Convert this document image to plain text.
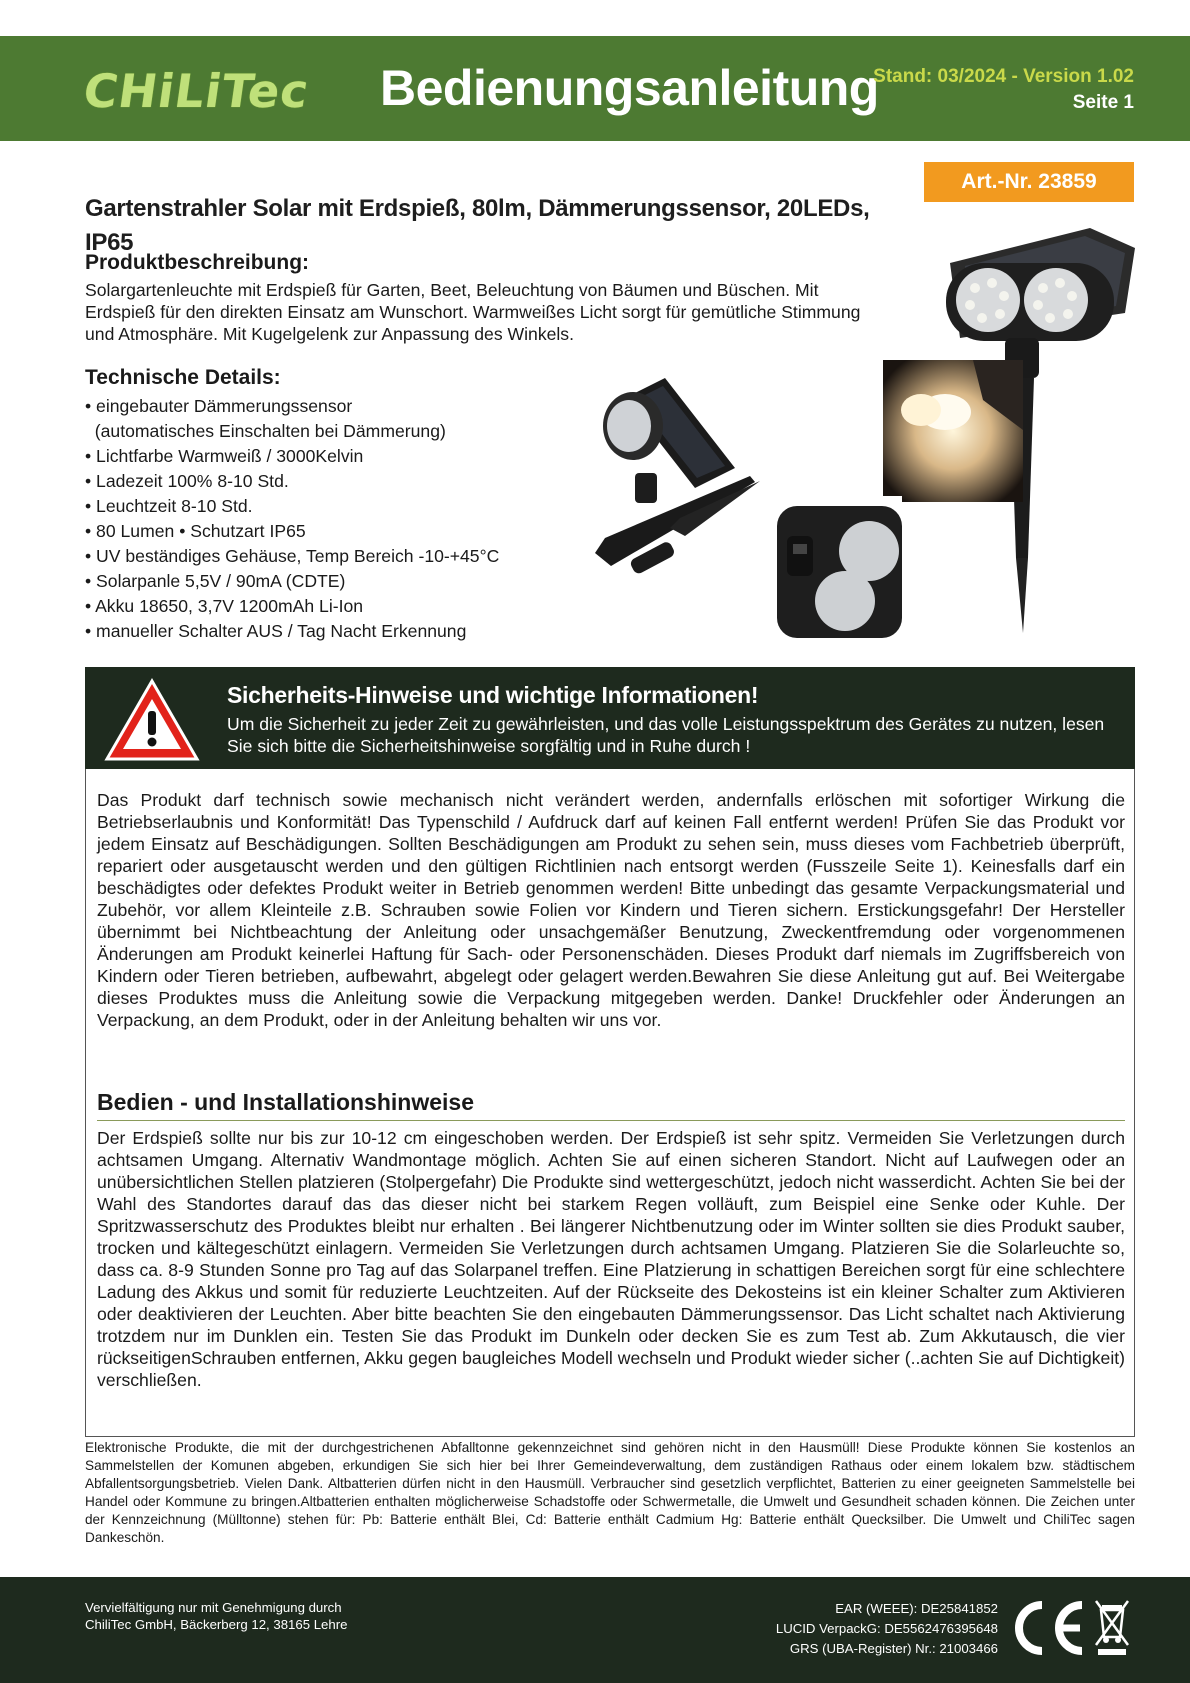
CHiLiTec Bedienungsanleitung
Stand: 03/2024 - Version 1.02
Seite 1
Art.-Nr. 23859
Gartenstrahler Solar mit Erdspieß, 80lm, Dämmerungssensor, 20LEDs, IP65
Produktbeschreibung:

Solargartenleuchte mit Erdspieß für Garten, Beet, Beleuchtung von Bäumen und Büschen. Mit Erdspieß für den direkten Einsatz am Wunschort. Warmweißes Licht sorgt für gemütliche Stimmung und Atmosphäre. Mit Kugelgelenk zur Anpassung des Winkels.

Technische Details:
• eingebauter Dämmerungssensor
(automatisches Einschalten bei Dämmerung)
• Lichtfarbe Warmweiß / 3000Kelvin
• Ladezeit 100% 8-10 Std.
• Leuchtzeit 8-10 Std.
• 80 Lumen • Schutzart IP65
• UV beständiges Gehäuse, Temp Bereich -10-+45°C
• Solarpanle 5,5V / 90mA (CDTE)
• Akku 18650, 3,7V 1200mAh Li-Ion
• manueller Schalter AUS / Tag Nacht Erkennung
Sicherheits-Hinweise und wichtige Informationen!

Um die Sicherheit zu jeder Zeit zu gewährleisten, und das volle Leistungsspektrum des Gerätes zu nutzen, lesen Sie sich bitte die Sicherheitshinweise sorgfältig und in Ruhe durch !

Das Produkt darf technisch sowie mechanisch nicht verändert werden, andernfalls erlöschen mit sofortiger Wirkung die Betriebserlaubnis und Konformität! Das Typenschild / Aufdruck darf auf keinen Fall entfernt werden! Prüfen Sie das Produkt vor jedem Einsatz auf Beschädigungen. Sollten Beschädigungen am Produkt zu sehen sein, muss dieses vom Fachbetrieb überprüft, repariert oder ausgetauscht werden und den gültigen Richtlinien nach entsorgt werden (Fusszeile Seite 1). Keinesfalls darf ein beschädigtes oder defektes Produkt weiter in Betrieb genommen werden! Bitte unbedingt das gesamte Verpackungsmaterial und Zubehör, vor allem Kleinteile z.B. Schrauben sowie Folien vor Kindern und Tieren sichern. Erstickungsgefahr! Der Hersteller übernimmt bei Nichtbeachtung der Anleitung oder unsachgemäßer Benutzung, Zweckentfremdung oder vorgenommenen Änderungen am Produkt keinerlei Haftung für Sach- oder Personenschäden. Dieses Produkt darf niemals im Zugriffsbereich von Kindern oder Tieren betrieben, aufbewahrt, abgelegt oder gelagert werden.Bewahren Sie diese Anleitung gut auf. Bei Weitergabe dieses Produktes muss die Anleitung sowie die Verpackung mitgegeben werden. Danke! Druckfehler oder Änderungen an Verpackung, an dem Produkt, oder in der Anleitung behalten wir uns vor.

Bedien - und Installationshinweise

Der Erdspieß sollte nur bis zur 10-12 cm eingeschoben werden. Der Erdspieß ist sehr spitz. Vermeiden Sie Verletzungen durch achtsamen Umgang. Alternativ Wandmontage möglich. Achten Sie auf einen sicheren Standort. Nicht auf Laufwegen oder an unübersichtlichen Stellen platzieren (Stolpergefahr) Die Produkte sind wettergeschützt, jedoch nicht wasserdicht. Achten Sie bei der Wahl des Standortes darauf das das dieser nicht bei starkem Regen volläuft, zum Beispiel eine Senke oder Kuhle. Der Spritzwasserschutz des Produktes bleibt nur erhalten . Bei längerer Nichtbenutzung oder im Winter sollten sie dies Produkt sauber, trocken und kältegeschützt einlagern. Vermeiden Sie Verletzungen durch achtsamen Umgang. Platzieren Sie die Solarleuchte so, dass ca. 8-9 Stunden Sonne pro Tag auf das Solarpanel treffen. Eine Platzierung in schattigen Bereichen sorgt für eine schlechtere Ladung des Akkus und somit für reduzierte Leuchtzeiten. Auf der Rückseite des Dekosteins ist ein kleiner Schalter zum Aktivieren oder deaktivieren der Leuchten. Aber bitte beachten Sie den eingebauten Dämmerungssensor. Das Licht schaltet nach Aktivierung trotzdem nur im Dunklen ein. Testen Sie das Produkt im Dunkeln oder decken Sie es zum Test ab. Zum Akkutausch, die vier rückseitigenSchrauben entfernen, Akku gegen baugleiches Modell wechseln und Produkt wieder sicher (..achten Sie auf Dichtigkeit) verschließen.

Elektronische Produkte, die mit der durchgestrichenen Abfalltonne gekennzeichnet sind gehören nicht in den Hausmüll! Diese Produkte können Sie kostenlos an Sammelstellen der Komunen abgeben, erkundigen Sie sich hier bei Ihrer Gemeindeverwaltung, dem zuständigen Rathaus oder einem lokalem bzw. städtischem Abfallentsorgungsbetrieb. Vielen Dank. Altbatterien dürfen nicht in den Hausmüll. Verbraucher sind gesetzlich verpflichtet, Batterien zu einer geeigneten Sammelstelle bei Handel oder Kommune zu bringen.Altbatterien enthalten möglicherweise Schadstoffe oder Schwermetalle, die Umwelt und Gesundheit schaden können. Die Zeichen unter der Kennzeichnung (Mülltonne) stehen für: Pb: Batterie enthält Blei, Cd: Batterie enthält Cadmium Hg: Batterie enthält Quecksilber. Die Umwelt und ChiliTec sagen Dankeschön.

Vervielfältigung nur mit Genehmigung durch
ChiliTec GmbH, Bäckerberg 12, 38165 Lehre
EAR (WEEE): DE25841852
LUCID VerpackG: DE5562476395648
GRS (UBA-Register) Nr.: 21003466
